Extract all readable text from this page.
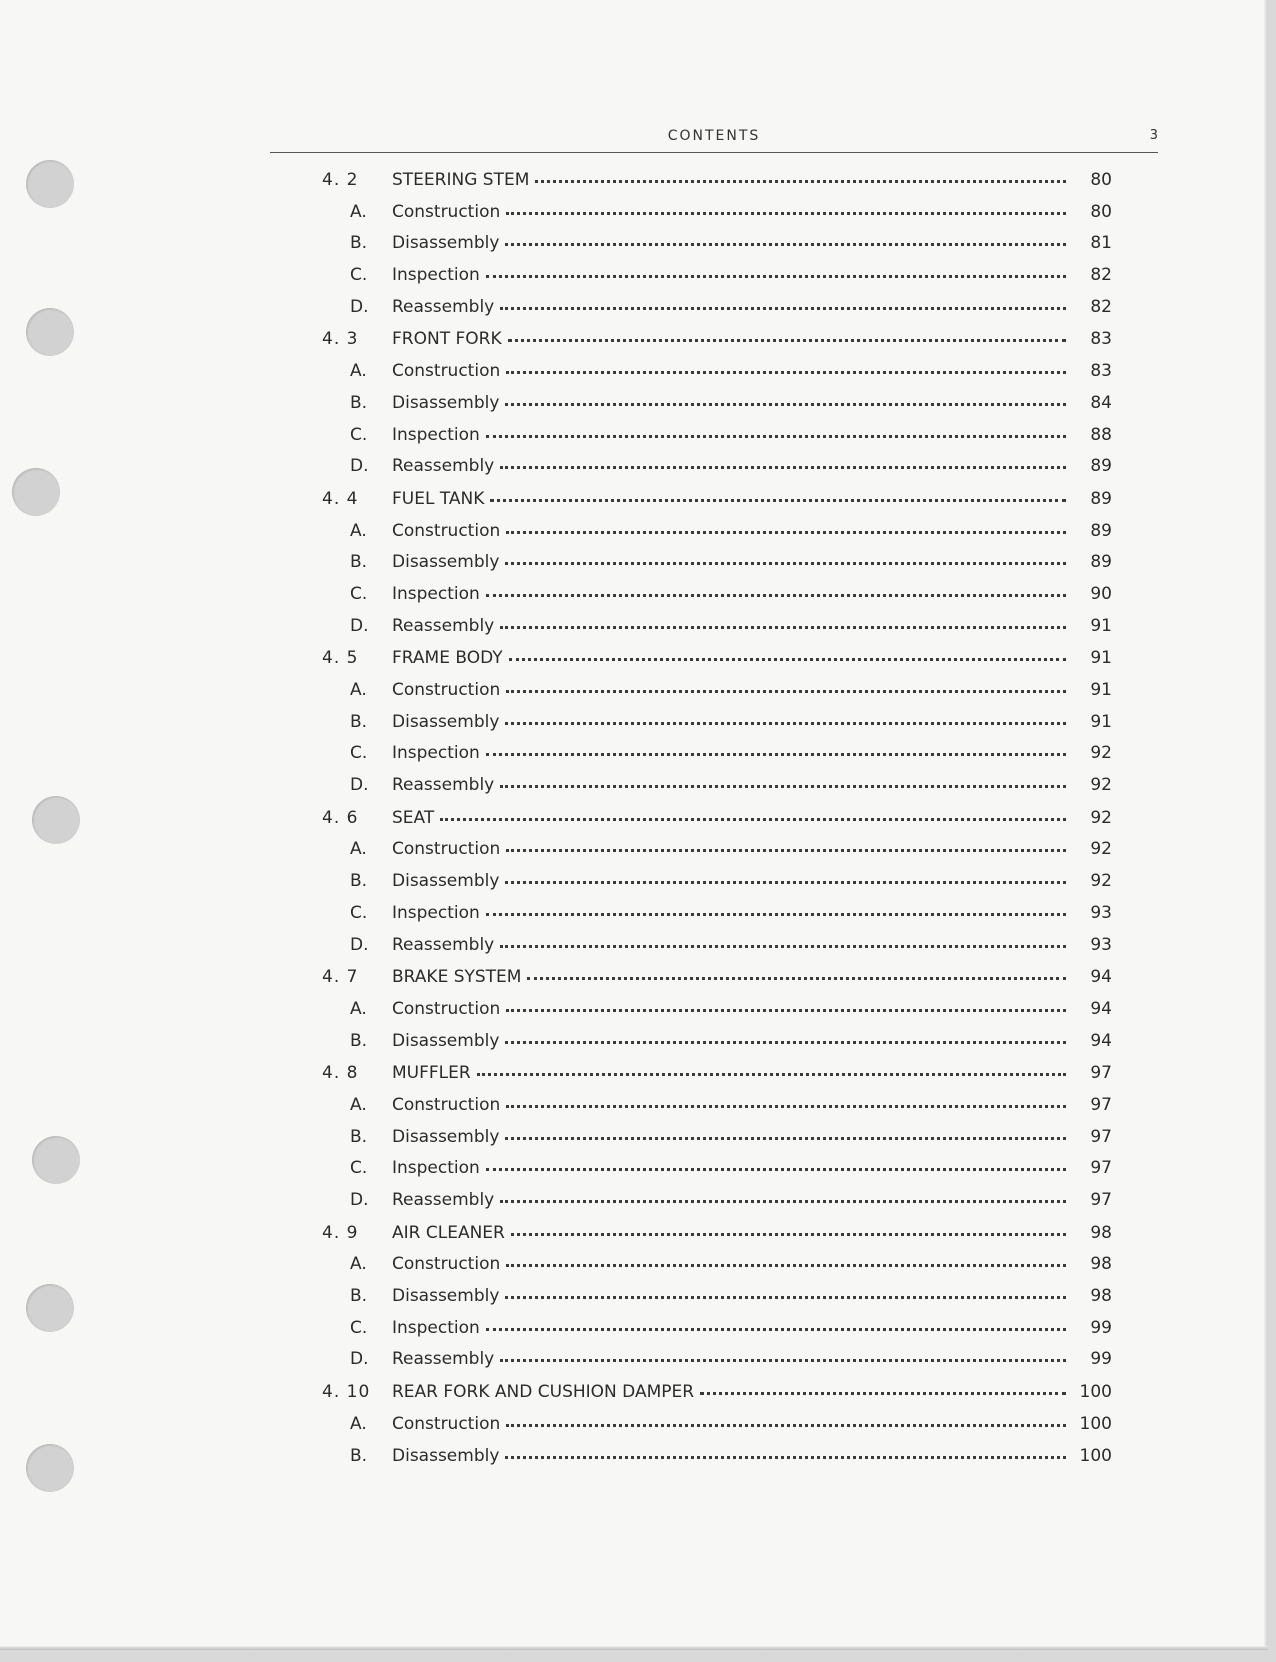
CONTENTS	3
4. 2	STEERING STEM	80
A.	Construction	80
B.	Disassembly	81
C.	Inspection	82
D.	Reassembly	82
4. 3	FRONT FORK	83
A.	Construction	83
B.	Disassembly	84
C.	Inspection	88
D.	Reassembly	89
4. 4	FUEL TANK	89
A.	Construction	89
B.	Disassembly	89
C.	Inspection	90
D.	Reassembly	91
4. 5	FRAME BODY	91
A.	Construction	91
B.	Disassembly	91
C.	Inspection	92
D.	Reassembly	92
4. 6	SEAT	92
A.	Construction	92
B.	Disassembly	92
C.	Inspection	93
D.	Reassembly	93
4. 7	BRAKE SYSTEM	94
A.	Construction	94
B.	Disassembly	94
4. 8	MUFFLER	97
A.	Construction	97
B.	Disassembly	97
C.	Inspection	97
D.	Reassembly	97
4. 9	AIR CLEANER	98
A.	Construction	98
B.	Disassembly	98
C.	Inspection	99
D.	Reassembly	99
4. 10	REAR FORK AND CUSHION DAMPER	100
A.	Construction	100
B.	Disassembly	100
